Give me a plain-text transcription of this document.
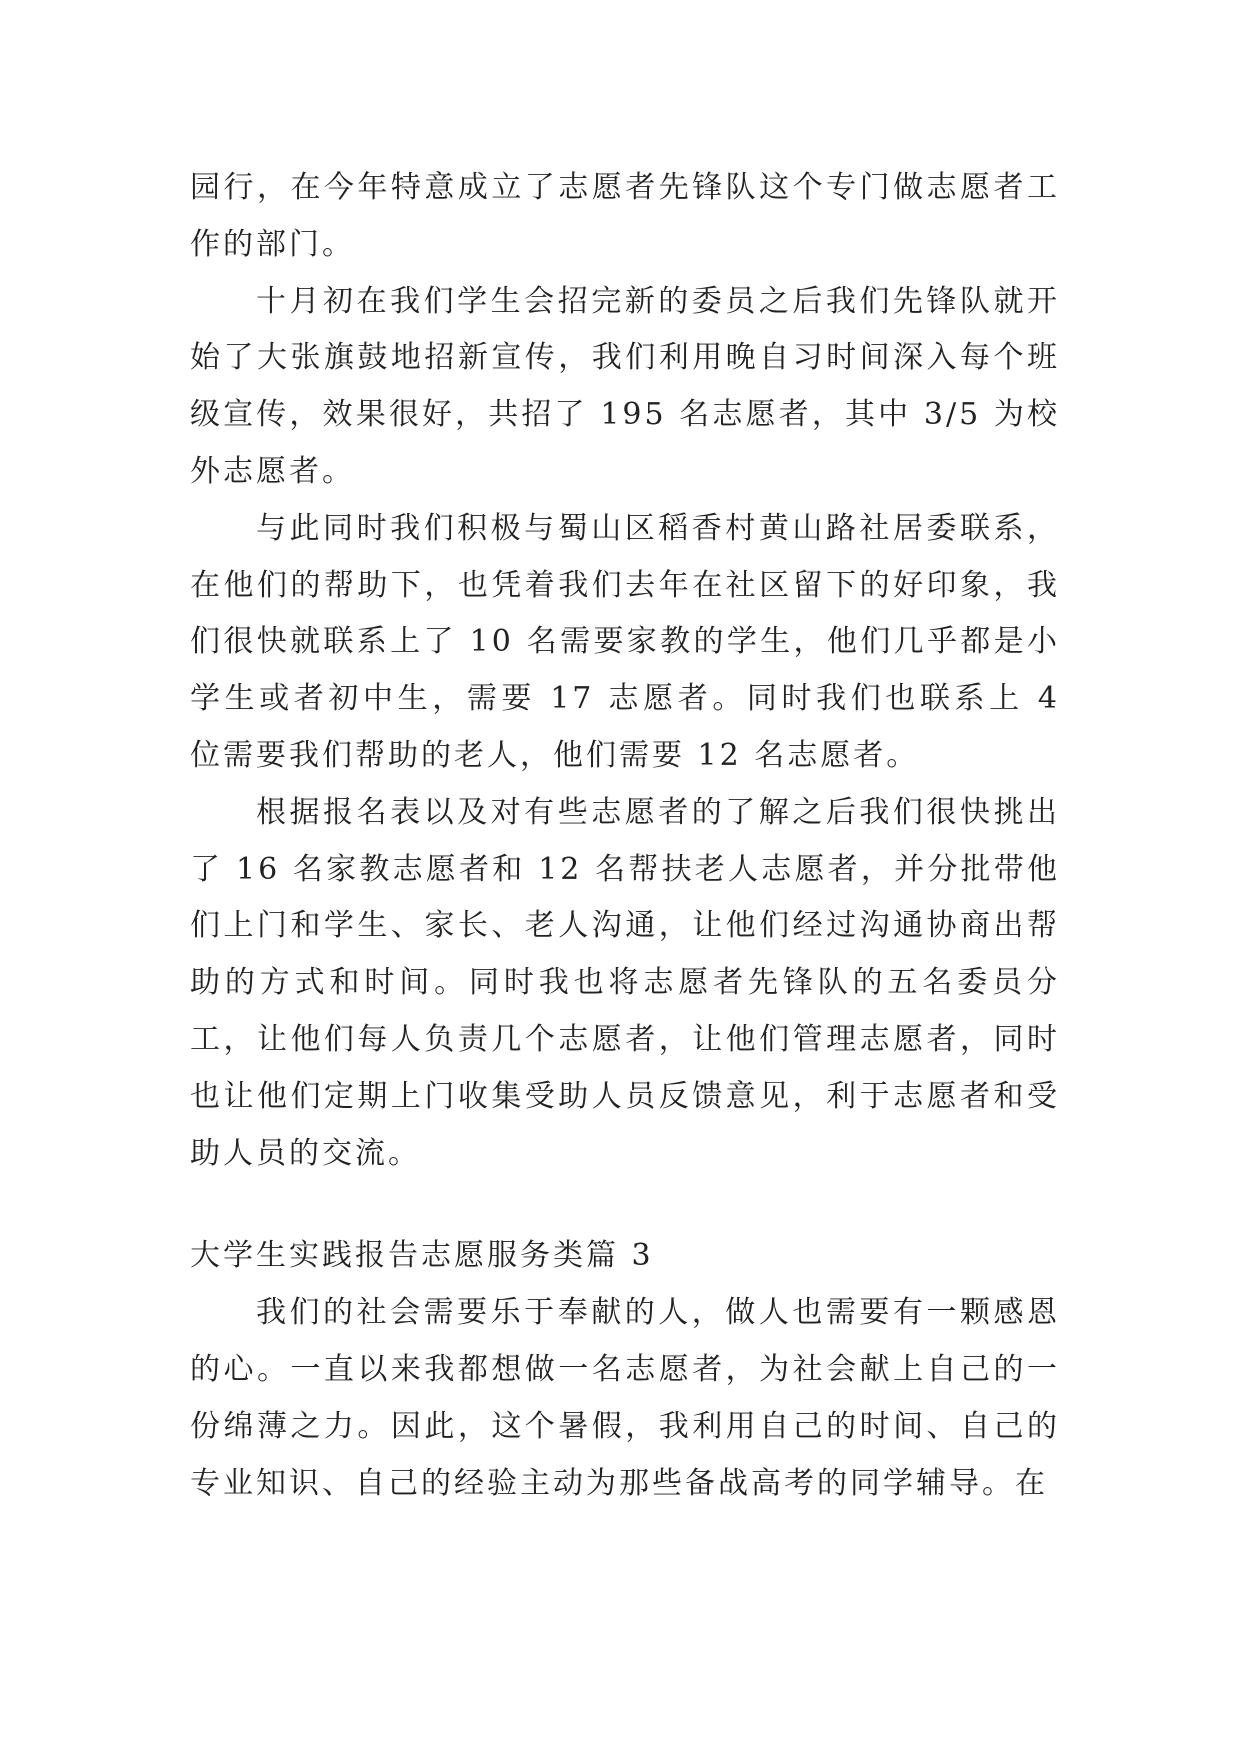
园行，在今年特意成立了志愿者先锋队这个专门做志愿者工作的部门。

十月初在我们学生会招完新的委员之后我们先锋队就开始了大张旗鼓地招新宣传，我们利用晚自习时间深入每个班级宣传，效果很好，共招了 195 名志愿者，其中 3/5 为校外志愿者。

与此同时我们积极与蜀山区稻香村黄山路社居委联系，在他们的帮助下，也凭着我们去年在社区留下的好印象，我们很快就联系上了 10 名需要家教的学生，他们几乎都是小学生或者初中生，需要 17 志愿者。同时我们也联系上 4 位需要我们帮助的老人，他们需要 12 名志愿者。

根据报名表以及对有些志愿者的了解之后我们很快挑出了 16 名家教志愿者和 12 名帮扶老人志愿者，并分批带他们上门和学生、家长、老人沟通，让他们经过沟通协商出帮助的方式和时间。同时我也将志愿者先锋队的五名委员分工，让他们每人负责几个志愿者，让他们管理志愿者，同时也让他们定期上门收集受助人员反馈意见，利于志愿者和受助人员的交流。

大学生实践报告志愿服务类篇 3

我们的社会需要乐于奉献的人，做人也需要有一颗感恩的心。一直以来我都想做一名志愿者，为社会献上自己的一份绵薄之力。因此，这个暑假，我利用自己的时间、自己的专业知识、自己的经验主动为那些备战高考的同学辅导。在
